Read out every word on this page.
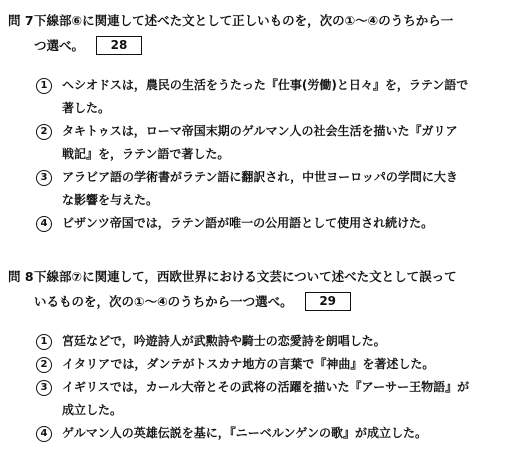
問 7 下線部⑥に関連して述べた文として正しいものを，次の①～④のうちから一
つ選べ。	28
1	ヘシオドスは，農民の生活をうたった『仕事(労働)と日々』を，ラテン語で
著した。
2	タキトゥスは，ローマ帝国末期のゲルマン人の社会生活を描いた『ガリア
戦記』を，ラテン語で著した。
3	アラビア語の学術書がラテン語に翻訳され，中世ヨーロッパの学問に大き
な影響を与えた。
4	ビザンツ帝国では，ラテン語が唯一の公用語として使用され続けた。
問 8 下線部⑦に関連して，西欧世界における文芸について述べた文として誤って
いるものを，次の①～④のうちから一つ選べ。	29
1	宮廷などで，吟遊詩人が武勲詩や騎士の恋愛詩を朗唱した。
2	イタリアでは，ダンテがトスカナ地方の言葉で『神曲』を著述した。
3	イギリスでは，カール大帝とその武将の活躍を描いた『アーサー王物語』が
成立した。
4	ゲルマン人の英雄伝説を基に，『ニーベルンゲンの歌』が成立した。
